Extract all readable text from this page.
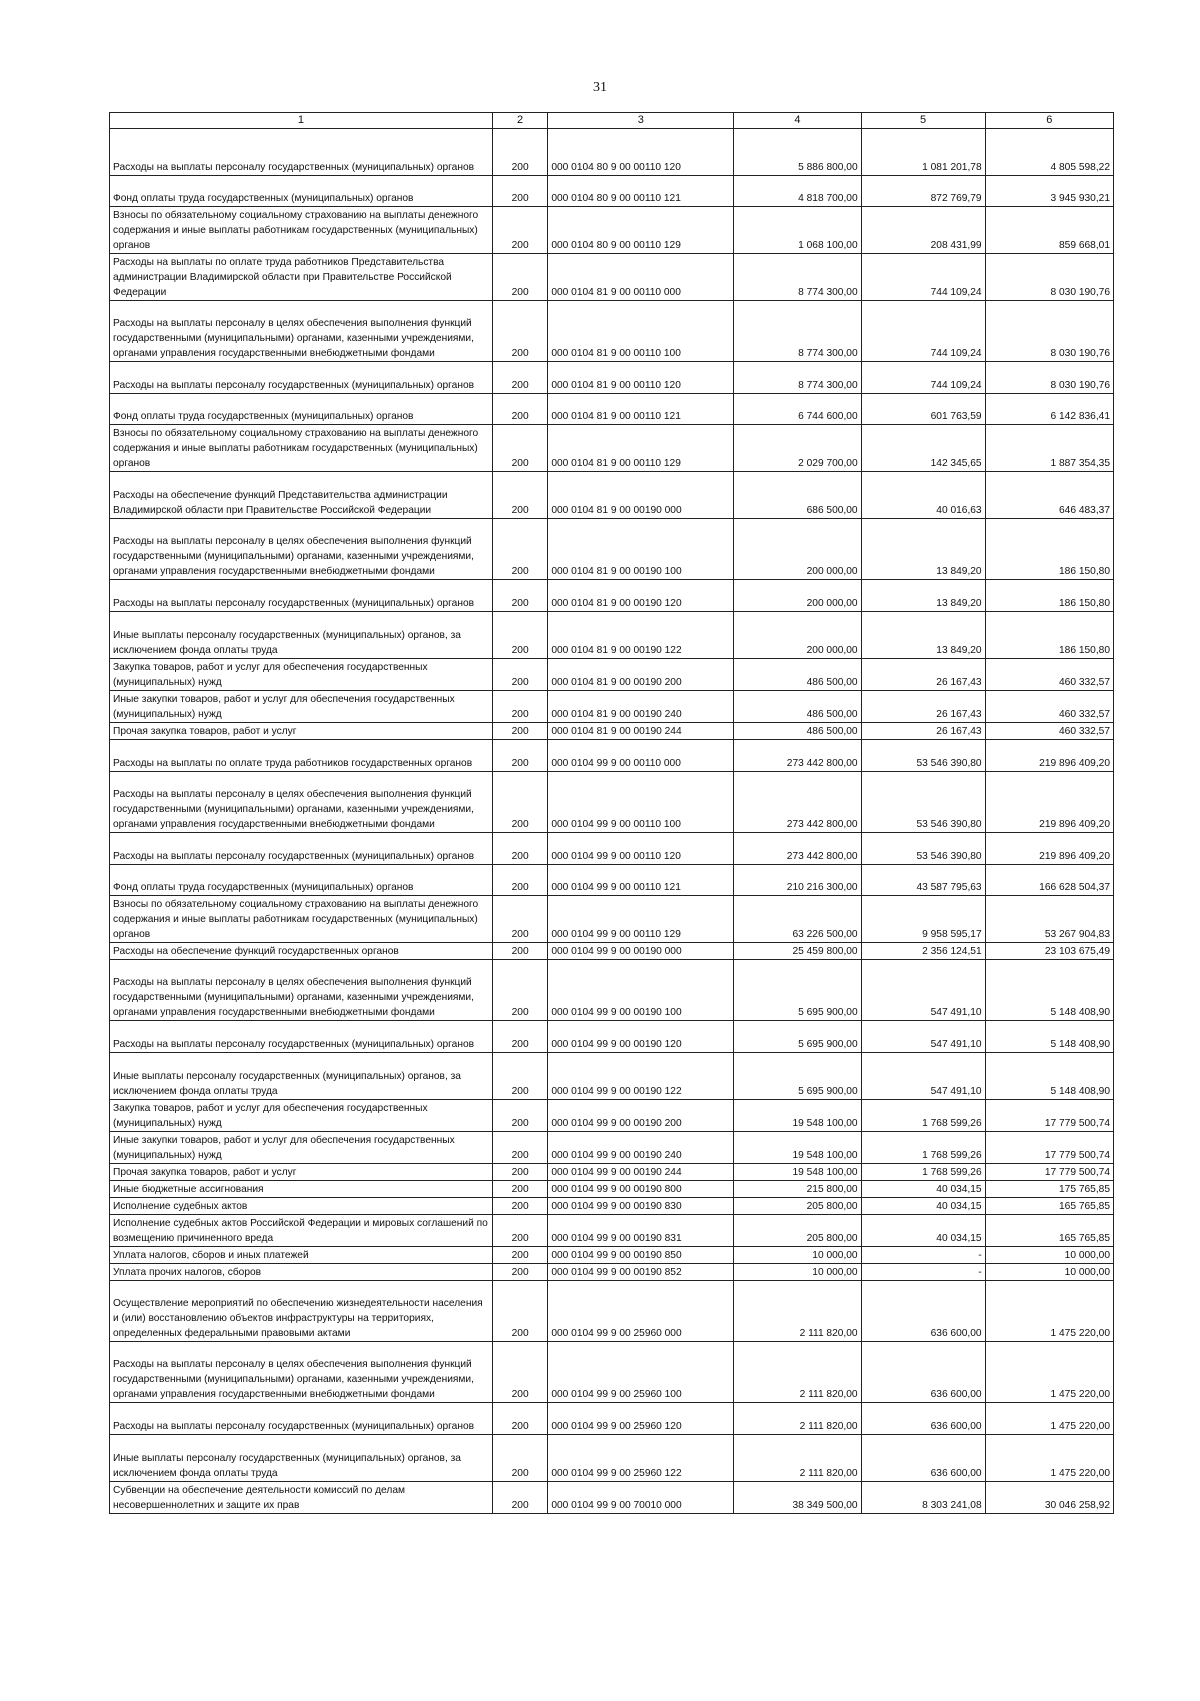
31
1	2	3	4	5	6
Расходы на выплаты персоналу государственных (муниципальных) органов	200	000 0104 80 9 00 00110 120	5 886 800,00	1 081 201,78	4 805 598,22
Фонд оплаты труда государственных (муниципальных) органов	200	000 0104 80 9 00 00110 121	4 818 700,00	872 769,79	3 945 930,21
Взносы по обязательному социальному страхованию на выплаты денежного содержания и иные выплаты работникам государственных (муниципальных) органов	200	000 0104 80 9 00 00110 129	1 068 100,00	208 431,99	859 668,01
Расходы на выплаты по оплате труда работников Представительства администрации Владимирской области при Правительстве Российской Федерации	200	000 0104 81 9 00 00110 000	8 774 300,00	744 109,24	8 030 190,76
Расходы на выплаты персоналу в целях обеспечения выполнения функций государственными (муниципальными) органами, казенными учреждениями, органами управления государственными внебюджетными фондами	200	000 0104 81 9 00 00110 100	8 774 300,00	744 109,24	8 030 190,76
Расходы на выплаты персоналу государственных (муниципальных) органов	200	000 0104 81 9 00 00110 120	8 774 300,00	744 109,24	8 030 190,76
Фонд оплаты труда государственных (муниципальных) органов	200	000 0104 81 9 00 00110 121	6 744 600,00	601 763,59	6 142 836,41
Взносы по обязательному социальному страхованию на выплаты денежного содержания и иные выплаты работникам государственных (муниципальных) органов	200	000 0104 81 9 00 00110 129	2 029 700,00	142 345,65	1 887 354,35
Расходы на обеспечение функций Представительства администрации Владимирской области при Правительстве Российской Федерации	200	000 0104 81 9 00 00190 000	686 500,00	40 016,63	646 483,37
Расходы на выплаты персоналу в целях обеспечения выполнения функций государственными (муниципальными) органами, казенными учреждениями, органами управления государственными внебюджетными фондами	200	000 0104 81 9 00 00190 100	200 000,00	13 849,20	186 150,80
Расходы на выплаты персоналу государственных (муниципальных) органов	200	000 0104 81 9 00 00190 120	200 000,00	13 849,20	186 150,80
Иные выплаты персоналу государственных (муниципальных) органов, за исключением фонда оплаты труда	200	000 0104 81 9 00 00190 122	200 000,00	13 849,20	186 150,80
Закупка товаров, работ и услуг для обеспечения государственных (муниципальных) нужд	200	000 0104 81 9 00 00190 200	486 500,00	26 167,43	460 332,57
Иные закупки товаров, работ и услуг для обеспечения государственных (муниципальных) нужд	200	000 0104 81 9 00 00190 240	486 500,00	26 167,43	460 332,57
Прочая закупка товаров, работ и услуг	200	000 0104 81 9 00 00190 244	486 500,00	26 167,43	460 332,57
Расходы на выплаты по оплате труда работников государственных органов	200	000 0104 99 9 00 00110 000	273 442 800,00	53 546 390,80	219 896 409,20
Расходы на выплаты персоналу в целях обеспечения выполнения функций государственными (муниципальными) органами, казенными учреждениями, органами управления государственными внебюджетными фондами	200	000 0104 99 9 00 00110 100	273 442 800,00	53 546 390,80	219 896 409,20
Расходы на выплаты персоналу государственных (муниципальных) органов	200	000 0104 99 9 00 00110 120	273 442 800,00	53 546 390,80	219 896 409,20
Фонд оплаты труда государственных (муниципальных) органов	200	000 0104 99 9 00 00110 121	210 216 300,00	43 587 795,63	166 628 504,37
Взносы по обязательному социальному страхованию на выплаты денежного содержания и иные выплаты работникам государственных (муниципальных) органов	200	000 0104 99 9 00 00110 129	63 226 500,00	9 958 595,17	53 267 904,83
Расходы на обеспечение функций государственных органов	200	000 0104 99 9 00 00190 000	25 459 800,00	2 356 124,51	23 103 675,49
Расходы на выплаты персоналу в целях обеспечения выполнения функций государственными (муниципальными) органами, казенными учреждениями, органами управления государственными внебюджетными фондами	200	000 0104 99 9 00 00190 100	5 695 900,00	547 491,10	5 148 408,90
Расходы на выплаты персоналу государственных (муниципальных) органов	200	000 0104 99 9 00 00190 120	5 695 900,00	547 491,10	5 148 408,90
Иные выплаты персоналу государственных (муниципальных) органов, за исключением фонда оплаты труда	200	000 0104 99 9 00 00190 122	5 695 900,00	547 491,10	5 148 408,90
Закупка товаров, работ и услуг для обеспечения государственных (муниципальных) нужд	200	000 0104 99 9 00 00190 200	19 548 100,00	1 768 599,26	17 779 500,74
Иные закупки товаров, работ и услуг для обеспечения государственных (муниципальных) нужд	200	000 0104 99 9 00 00190 240	19 548 100,00	1 768 599,26	17 779 500,74
Прочая закупка товаров, работ и услуг	200	000 0104 99 9 00 00190 244	19 548 100,00	1 768 599,26	17 779 500,74
Иные бюджетные ассигнования	200	000 0104 99 9 00 00190 800	215 800,00	40 034,15	175 765,85
Исполнение судебных актов	200	000 0104 99 9 00 00190 830	205 800,00	40 034,15	165 765,85
Исполнение судебных актов Российской Федерации и мировых соглашений по возмещению причиненного вреда	200	000 0104 99 9 00 00190 831	205 800,00	40 034,15	165 765,85
Уплата налогов, сборов и иных платежей	200	000 0104 99 9 00 00190 850	10 000,00	-	10 000,00
Уплата прочих налогов, сборов	200	000 0104 99 9 00 00190 852	10 000,00	-	10 000,00
Осуществление мероприятий по обеспечению жизнедеятельности населения и (или) восстановлению объектов инфраструктуры на территориях, определенных федеральными правовыми актами	200	000 0104 99 9 00 25960 000	2 111 820,00	636 600,00	1 475 220,00
Расходы на выплаты персоналу в целях обеспечения выполнения функций государственными (муниципальными) органами, казенными учреждениями, органами управления государственными внебюджетными фондами	200	000 0104 99 9 00 25960 100	2 111 820,00	636 600,00	1 475 220,00
Расходы на выплаты персоналу государственных (муниципальных) органов	200	000 0104 99 9 00 25960 120	2 111 820,00	636 600,00	1 475 220,00
Иные выплаты персоналу государственных (муниципальных) органов, за исключением фонда оплаты труда	200	000 0104 99 9 00 25960 122	2 111 820,00	636 600,00	1 475 220,00
Субвенции на обеспечение деятельности комиссий по делам несовершеннолетних и защите их прав	200	000 0104 99 9 00 70010 000	38 349 500,00	8 303 241,08	30 046 258,92
